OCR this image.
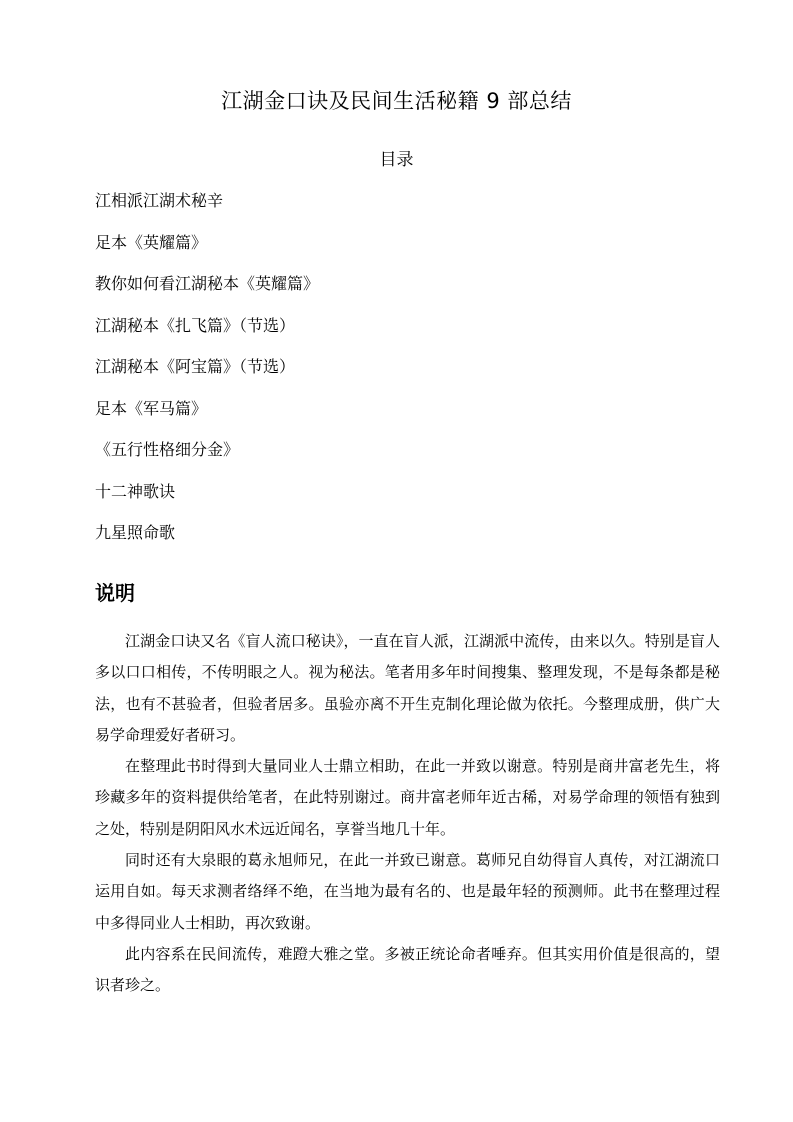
江湖金口诀及民间生活秘籍 9 部总结
目录
江相派江湖术秘辛
足本《英耀篇》
教你如何看江湖秘本《英耀篇》
江湖秘本《扎飞篇》（节选）
江湖秘本《阿宝篇》（节选）
足本《军马篇》
《五行性格细分金》
十二神歌诀
九星照命歌
说明

江湖金口诀又名《盲人流口秘诀》，一直在盲人派，江湖派中流传，由来以久。特别是盲人多以口口相传，不传明眼之人。视为秘法。笔者用多年时间搜集、整理发现，不是每条都是秘法，也有不甚验者，但验者居多。虽验亦离不开生克制化理论做为依托。今整理成册，供广大易学命理爱好者研习。

在整理此书时得到大量同业人士鼎立相助，在此一并致以谢意。特别是商井富老先生，将珍藏多年的资料提供给笔者，在此特别谢过。商井富老师年近古稀，对易学命理的领悟有独到之处，特别是阴阳风水术远近闻名，享誉当地几十年。

同时还有大泉眼的葛永旭师兄，在此一并致已谢意。葛师兄自幼得盲人真传，对江湖流口运用自如。每天求测者络绎不绝，在当地为最有名的、也是最年轻的预测师。此书在整理过程中多得同业人士相助，再次致谢。

此内容系在民间流传，难蹬大雅之堂。多被正统论命者唾弃。但其实用价值是很高的，望识者珍之。
